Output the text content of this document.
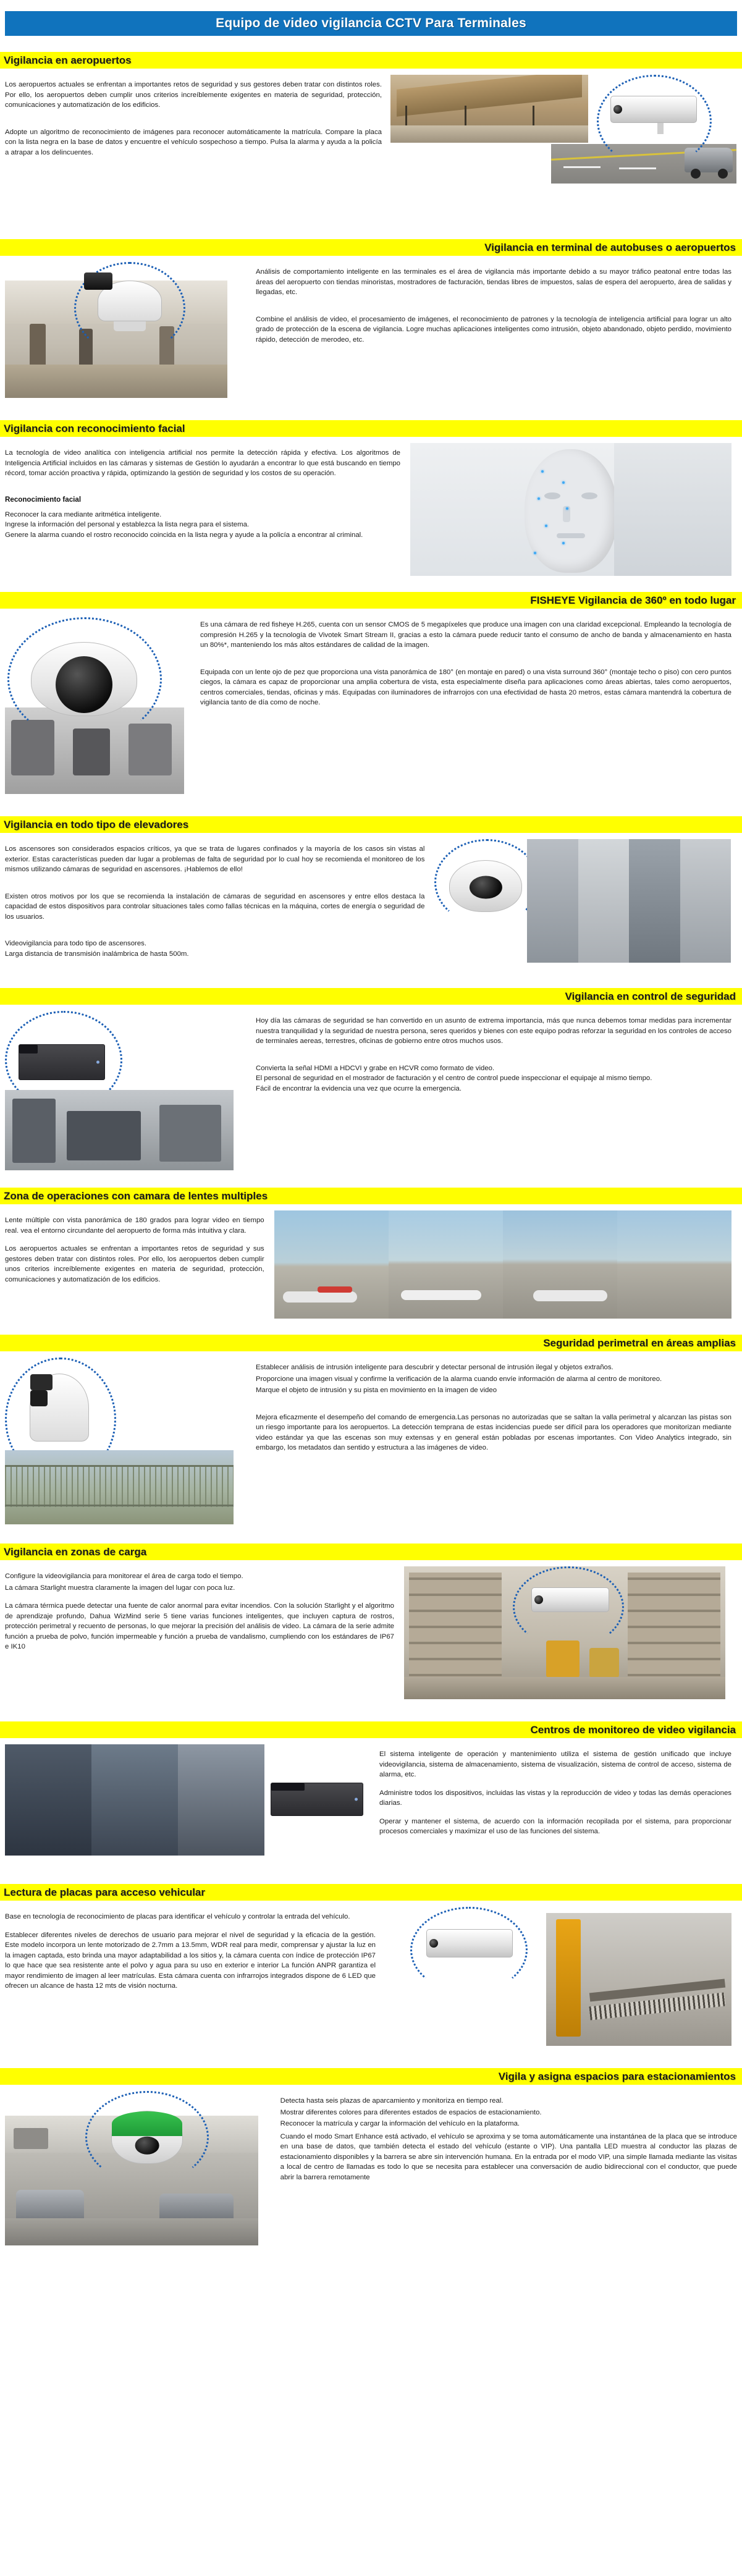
Equipo de video vigilancia CCTV Para Terminales
Vigilancia en aeropuertos

Los aeropuertos actuales se enfrentan a importantes retos de seguridad y sus gestores deben tratar con distintos roles. Por ello, los aeropuertos deben cumplir unos criterios increíblemente exigentes en materia de seguridad, protección, comunicaciones y automatización de los edificios.

Adopte un algoritmo de reconocimiento de imágenes para reconocer automáticamente la matrícula. Compare la placa con la lista negra en la base de datos y encuentre el vehículo sospechoso a tiempo. Pulsa la alarma y ayuda a la policía a atrapar a los delincuentes.

Vigilancia en terminal de autobuses o aeropuertos

Análisis de comportamiento inteligente en las terminales es el área de vigilancia más importante debido a su mayor tráfico peatonal entre todas las áreas del aeropuerto con tiendas minoristas, mostradores de facturación, tiendas libres de impuestos, salas de espera del aeropuerto, área de salidas y llegadas, etc.

Combine el análisis de video, el procesamiento de imágenes, el reconocimiento de patrones y la tecnología de inteligencia artificial para lograr un alto grado de protección de la escena de vigilancia. Logre muchas aplicaciones inteligentes como intrusión, objeto abandonado, objeto perdido, movimiento rápido, detección de merodeo, etc.

Vigilancia con reconocimiento facial

La tecnología de video analítica con inteligencia artificial nos permite la detección rápida y efectiva. Los algoritmos de Inteligencia Artificial incluidos en las cámaras y sistemas de Gestión lo ayudarán a encontrar lo que está buscando en tiempo récord, tomar acción proactiva y rápida, optimizando la gestión de seguridad y los costos de su operación.

Reconocimiento facial

Reconocer la cara mediante aritmética inteligente.

Ingrese la información del personal y establezca la lista negra para el sistema.

Genere la alarma cuando el rostro reconocido coincida en la lista negra y ayude a la policía a encontrar al criminal.

FISHEYE Vigilancia de 360º en todo lugar

Es una cámara de red fisheye H.265, cuenta con un sensor CMOS de 5 megapíxeles que produce una imagen con una claridad excepcional. Empleando la tecnología de compresión H.265 y la tecnología de Vivotek Smart Stream II, gracias a esto la cámara puede reducir tanto el consumo de ancho de banda y almacenamiento en hasta un 80%*, manteniendo los más altos estándares de calidad de la imagen.

Equipada con un lente ojo de pez que proporciona una vista panorámica de 180° (en montaje en pared) o una vista surround 360° (montaje techo o piso) con cero puntos ciegos, la cámara es capaz de proporcionar una amplia cobertura de vista, esta especialmente diseña para aplicaciones como áreas abiertas, tales como aeropuertos, centros comerciales, tiendas, oficinas y más. Equipadas con iluminadores de infrarrojos con una efectividad de hasta 20 metros, estas cámara mantendrá la cobertura de vigilancia tanto de día como de noche.

Vigilancia en todo tipo de elevadores

Los ascensores son considerados espacios críticos, ya que se trata de lugares confinados y la mayoría de los casos sin vistas al exterior. Estas características pueden dar lugar a problemas de falta de seguridad por lo cual hoy se recomienda el monitoreo de los mismos utilizando cámaras de seguridad en ascensores. ¡Hablemos de ello!

Existen otros motivos por los que se recomienda la instalación de cámaras de seguridad en ascensores y entre ellos destaca la capacidad de estos dispositivos para controlar situaciones tales como fallas técnicas en la máquina, cortes de energía o seguridad de los usuarios.

Videovigilancia para todo tipo de ascensores.

Larga distancia de transmisión inalámbrica de hasta 500m.

Vigilancia en control de seguridad

Hoy día las cámaras de seguridad se han convertido en un asunto de extrema importancia, más que nunca debemos tomar medidas para incrementar nuestra tranquilidad y la seguridad de nuestra persona, seres queridos y bienes con este equipo podras reforzar la seguridad en los controles de acceso de terminales aereas, terrestres, oficinas de gobierno entre otros muchos usos.

Convierta la señal HDMI a HDCVI y grabe en HCVR como formato de video.

El personal de seguridad en el mostrador de facturación y el centro de control puede inspeccionar el equipaje al mismo tiempo.

Fácil de encontrar la evidencia una vez que ocurre la emergencia.

Zona de operaciones con camara de lentes multiples

Lente múltiple con vista panorámica de 180 grados para lograr video en tiempo real. vea el entorno circundante del aeropuerto de forma más intuitiva y clara.

Los aeropuertos actuales se enfrentan a importantes retos de seguridad y sus gestores deben tratar con distintos roles. Por ello, los aeropuertos deben cumplir unos criterios increíblemente exigentes en materia de seguridad, protección, comunicaciones y automatización de los edificios.

Seguridad perimetral en áreas amplias

Establecer análisis de intrusión inteligente para descubrir y detectar personal de intrusión ilegal y objetos extraños.

Proporcione una imagen visual y confirme la verificación de la alarma cuando envíe información de alarma al centro de monitoreo.

Marque el objeto de intrusión y su pista en movimiento en la imagen de video

Mejora eficazmente el desempeño del comando de emergencia.Las personas no autorizadas que se saltan la valla perimetral y alcanzan las pistas son un riesgo importante para los aeropuertos. La detección temprana de estas incidencias puede ser difícil para los operadores que monitorizan mediante video estándar ya que las escenas son muy extensas y en general están pobladas por escenas importantes. Con Video Analytics integrado, sin embargo, los metadatos dan sentido y estructura a las imágenes de video.

Vigilancia en zonas de carga

Configure la videovigilancia para monitorear el área de carga todo el tiempo.

La cámara Starlight muestra claramente la imagen del lugar con poca luz.

La cámara térmica puede detectar una fuente de calor anormal para evitar incendios. Con la solución Starlight y el algoritmo de aprendizaje profundo, Dahua WizMind serie 5 tiene varias funciones inteligentes, que incluyen captura de rostros, protección perimetral y recuento de personas, lo que mejorar la precisión del análisis de video. La cámara de la serie admite función a prueba de polvo, función impermeable y función a prueba de vandalismo, cumpliendo con los estándares de IP67 e IK10

Centros de monitoreo de video vigilancia

El sistema inteligente de operación y mantenimiento utiliza el sistema de gestión unificado que incluye videovigilancia, sistema de almacenamiento, sistema de visualización, sistema de control de acceso, sistema de alarma, etc.

Administre todos los dispositivos, incluidas las vistas y la reproducción de video y todas las demás operaciones diarias.

Operar y mantener el sistema, de acuerdo con la información recopilada por el sistema, para proporcionar procesos comerciales y maximizar el uso de las funciones del sistema.

Lectura de placas para acceso vehicular

Base en tecnología de reconocimiento de placas para identificar el vehículo y controlar la entrada del vehículo.

Establecer diferentes niveles de derechos de usuario para mejorar el nivel de seguridad y la eficacia de la gestión. Este modelo incorpora un lente motorizado de 2.7mm a 13.5mm, WDR real para medir, comprensar y ajustar la luz en la imagen captada, esto brinda una mayor adaptabilidad a los sitios y, la cámara cuenta con índice de protección IP67 lo que hace que sea resistente ante el polvo y agua para su uso en exterior e interior La función ANPR garantiza el mayor rendimiento de imagen al leer matrículas. Esta cámara cuenta con infrarrojos integrados dispone de 6 LED que ofrecen un alcance de hasta 12 mts de visión nocturna.

Vigila y asigna espacios para estacionamientos

Detecta hasta seis plazas de aparcamiento y monitoriza en tiempo real.

Mostrar diferentes colores para diferentes estados de espacios de estacionamiento.

Reconocer la matrícula y cargar la información del vehículo en la plataforma.

Cuando el modo Smart Enhance está activado, el vehículo se aproxima y se toma automáticamente una instantánea de la placa que se introduce en una base de datos, que también detecta el estado del vehículo (estante o VIP). Una pantalla LED muestra al conductor las plazas de estacionamiento disponibles y la barrera se abre sin intervención humana. En la entrada por el modo VIP, una simple llamada mediante las visitas a local de centro de llamadas es todo lo que se necesita para establecer una conversación de audio bidireccional con el conductor, que puede abrir la barrera remotamente
